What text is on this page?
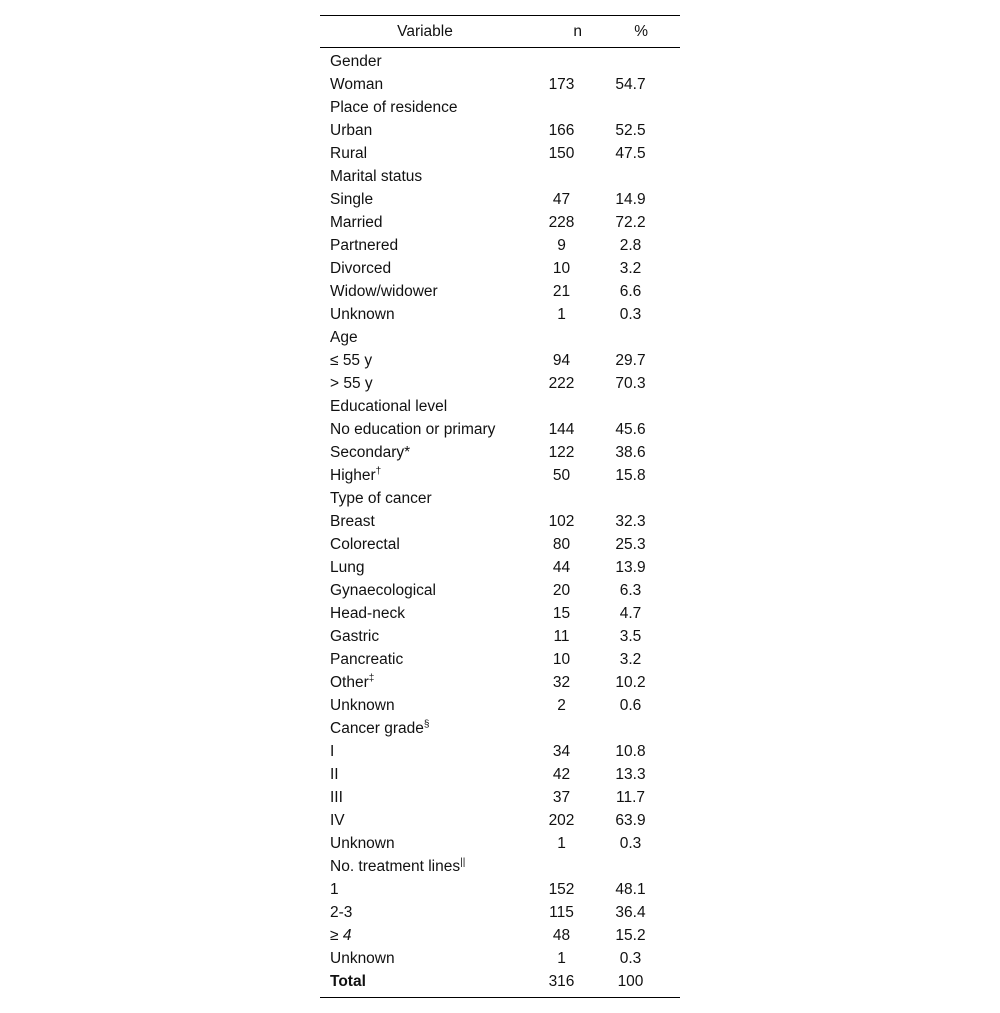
Variable	n	%
Gender		
Woman	173	54.7
Place of residence		
Urban	166	52.5
Rural	150	47.5
Marital status		
Single	47	14.9
Married	228	72.2
Partnered	9	2.8
Divorced	10	3.2
Widow/widower	21	6.6
Unknown	1	0.3
Age		
≤ 55 y	94	29.7
> 55 y	222	70.3
Educational level		
No education or primary	144	45.6
Secondary*	122	38.6
Higher†	50	15.8
Type of cancer		
Breast	102	32.3
Colorectal	80	25.3
Lung	44	13.9
Gynaecological	20	6.3
Head-neck	15	4.7
Gastric	11	3.5
Pancreatic	10	3.2
Other‡	32	10.2
Unknown	2	0.6
Cancer grade§		
I	34	10.8
II	42	13.3
III	37	11.7
IV	202	63.9
Unknown	1	0.3
No. treatment lines||		
1	152	48.1
2-3	115	36.4
≥ 4	48	15.2
Unknown	1	0.3
Total	316	100
